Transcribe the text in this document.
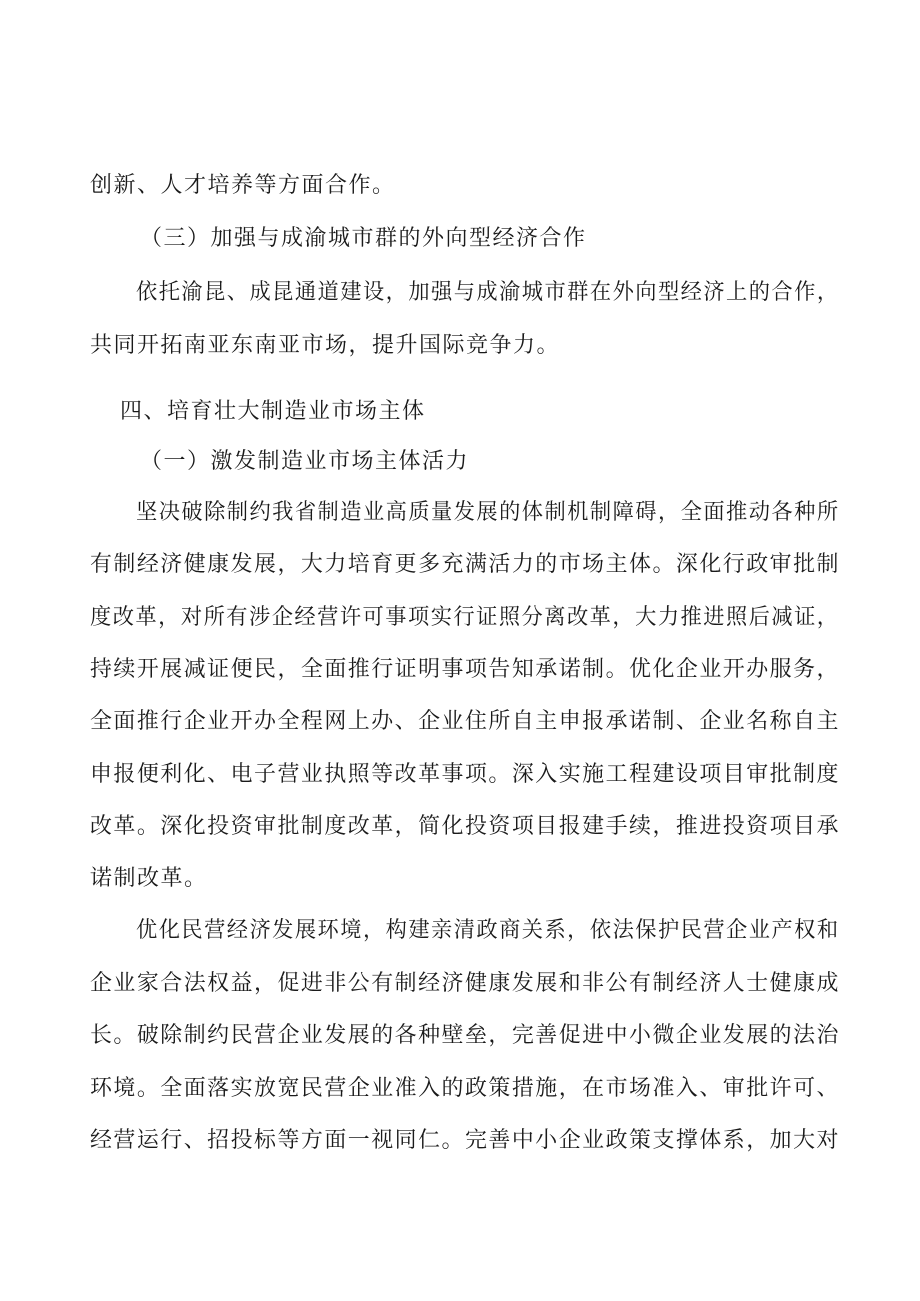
创新、人才培养等方面合作。
（三）加强与成渝城市群的外向型经济合作
依托渝昆、成昆通道建设，加强与成渝城市群在外向型经济上的合作，
共同开拓南亚东南亚市场，提升国际竞争力。
四、培育壮大制造业市场主体
（一）激发制造业市场主体活力
坚决破除制约我省制造业高质量发展的体制机制障碍，全面推动各种所
有制经济健康发展，大力培育更多充满活力的市场主体。深化行政审批制
度改革，对所有涉企经营许可事项实行证照分离改革，大力推进照后减证，
持续开展减证便民，全面推行证明事项告知承诺制。优化企业开办服务，
全面推行企业开办全程网上办、企业住所自主申报承诺制、企业名称自主
申报便利化、电子营业执照等改革事项。深入实施工程建设项目审批制度
改革。深化投资审批制度改革，简化投资项目报建手续，推进投资项目承
诺制改革。
优化民营经济发展环境，构建亲清政商关系，依法保护民营企业产权和
企业家合法权益，促进非公有制经济健康发展和非公有制经济人士健康成
长。破除制约民营企业发展的各种壁垒，完善促进中小微企业发展的法治
环境。全面落实放宽民营企业准入的政策措施，在市场准入、审批许可、
经营运行、招投标等方面一视同仁。完善中小企业政策支撑体系，加大对
